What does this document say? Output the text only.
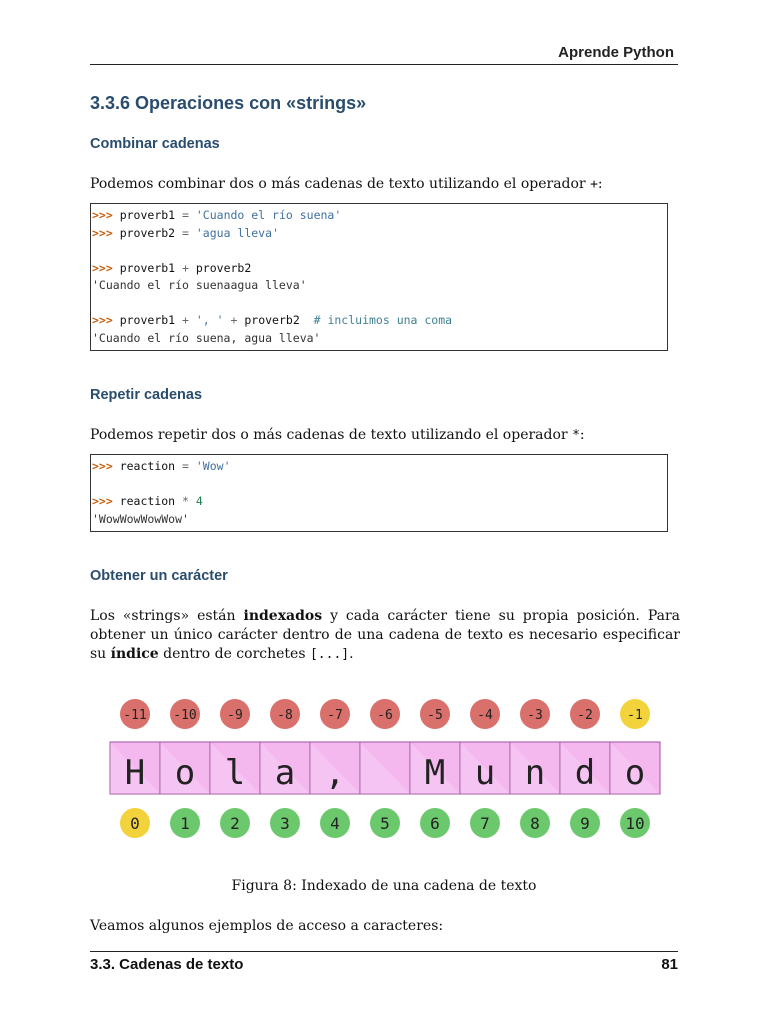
Aprende Python
3.3.6 Operaciones con «strings»
Combinar cadenas
Podemos combinar dos o más cadenas de texto utilizando el operador +:
>>> proverb1 = 'Cuando el río suena'
>>> proverb2 = 'agua lleva'
>>> proverb1 + proverb2
'Cuando el río suenaagua lleva'
>>> proverb1 + ', ' + proverb2  # incluimos una coma
'Cuando el río suena, agua lleva'
Repetir cadenas
Podemos repetir dos o más cadenas de texto utilizando el operador *:
>>> reaction = 'Wow'
>>> reaction * 4
'WowWowWowWow'
Obtener un carácter
Los «strings» están indexados y cada carácter tiene su propia posición. Para obtener un único carácter dentro de una cadena de texto es necesario especificar su índice dentro de corchetes [...].
H o l a , M u n d o
-11
0
-10
1
-9
2
-8
3
-7
4
-6
5
-5
6
-4
7
-3
8
-2
9
-1
10
Figura 8: Indexado de una cadena de texto
Veamos algunos ejemplos de acceso a caracteres:
3.3. Cadenas de texto	81
